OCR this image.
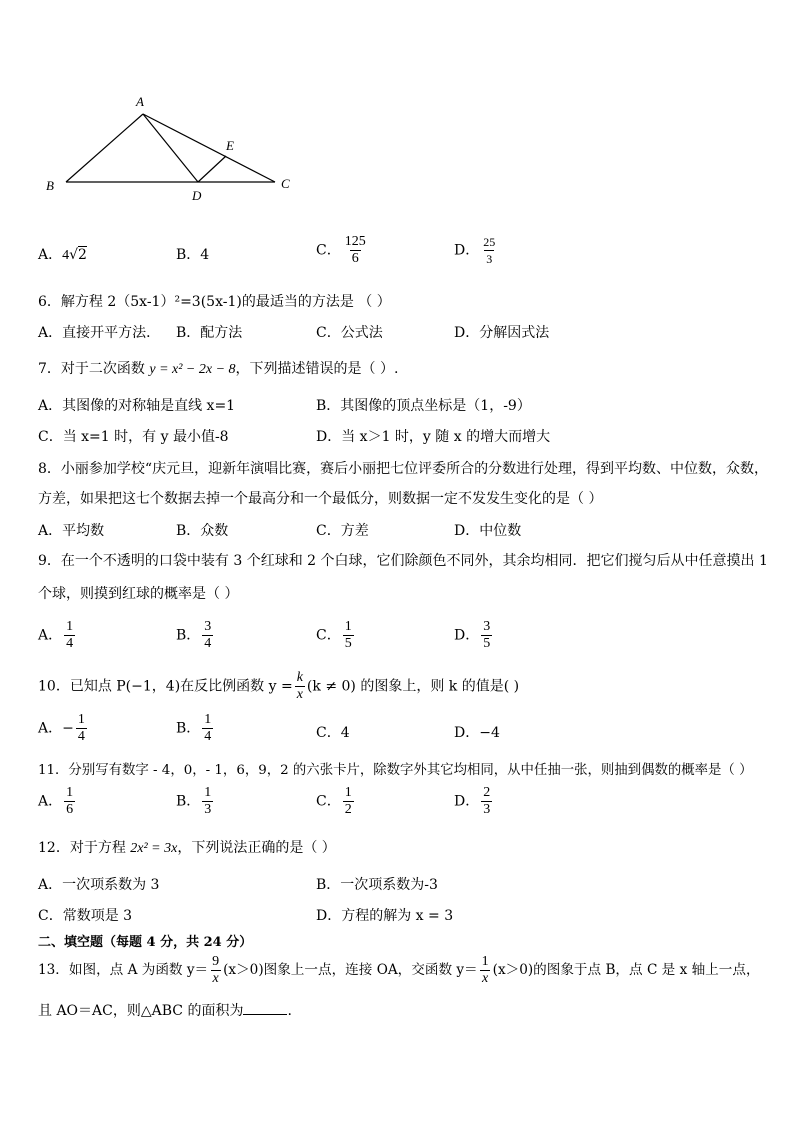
A
B	C
D
E
A．4√2	B．4	C． $\frac{125}{6}$	D． $\frac{25}{3}$
6．解方程 2（5x-1）²=3(5x-1)的最适当的方法是 （ ）
A．直接开平方法． B．配方法	C．公式法	D．分解因式法
7．对于二次函数 y = x² − 2x − 8，下列描述错误的是（ ）.
A．其图像的对称轴是直线 x=1	B．其图像的顶点坐标是（1，-9）
C．当 x=1 时，有 y 最小值-8	D．当 x＞1 时，y 随 x 的增大而增大
8．小丽参加学校“庆元旦，迎新年演唱比赛，赛后小丽把七位评委所合的分数进行处理，得到平均数、中位数，众数，
方差，如果把这七个数据去掉一个最高分和一个最低分，则数据一定不发发生变化的是（ ）
A．平均数	B．众数	C．方差	D．中位数
9．在一个不透明的口袋中装有 3 个红球和 2 个白球，它们除颜色不同外，其余均相同．把它们搅匀后从中任意摸出 1
个球，则摸到红球的概率是（ ）
A． $\frac{1}{4}$	B． $\frac{3}{4}$	C． $\frac{1}{5}$	D． $\frac{3}{5}$
10．已知点 P(−1，4)在反比例函数 $y = \frac{k}{x} (k \ne 0)$ 的图象上，则 k 的值是( )
A．− $\frac{1}{4}$	B． $\frac{1}{4}$	C．4	D．−4
11．分别写有数字 - 4，0，- 1，6，9，2 的六张卡片，除数字外其它均相同，从中任抽一张，则抽到偶数的概率是（ ）
A． $\frac{1}{6}$	B． $\frac{1}{3}$	C． $\frac{1}{2}$	D． $\frac{2}{3}$
12．对于方程 2x² = 3x，下列说法正确的是（ ）
A．一次项系数为 3	B．一次项系数为-3
C．常数项是 3	D．方程的解为 x = 3
二、填空题（每题 4 分，共 24 分）
13．如图，点 A 为函数 $y= \frac{9}{x} (x>0)$图象上一点，连接 OA，交函数 $y= \frac{1}{x} (x>0)$的图象于点 B，点 C 是 x 轴上一点，
且 AO＝AC，则△ABC 的面积为	.
